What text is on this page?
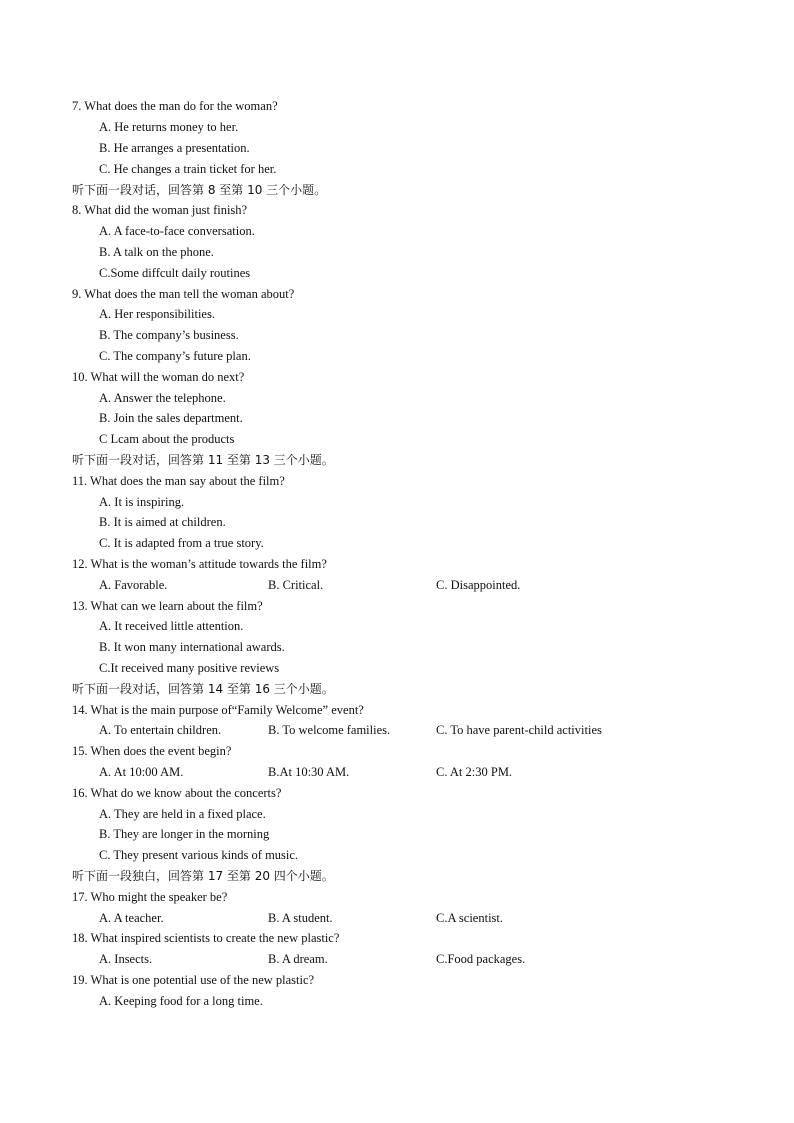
7. What does the man do for the woman?
A. He returns money to her.
B. He arranges a presentation.
C. He changes a train ticket for her.
听下面一段对话，回答第 8 至第 10 三个小题。
8. What did the woman just finish?
A. A face-to-face conversation.
B. A talk on the phone.
C.Some diffcult daily routines
9. What does the man tell the woman about?
A. Her responsibilities.
B. The company’s business.
C. The company’s future plan.
10. What will the woman do next?
A. Answer the telephone.
B. Join the sales department.
C Lcam about the products
听下面一段对话，回答第 11 至第 13 三个小题。
11. What does the man say about the film?
A. It is inspiring.
B. It is aimed at children.
C. It is adapted from a true story.
12. What is the woman’s attitude towards the film?
13. What can we learn about the film?
A. It received little attention.
B. It won many international awards.
C.It received many positive reviews
听下面一段对话，回答第 14 至第 16 三个小题。
14. What is the main purpose of“Family Welcome” event?
15. When does the event begin?
16. What do we know about the concerts?
A. They are held in a fixed place.
B. They are longer in the morning
C. They present various kinds of music.
听下面一段独白，回答第 17 至第 20 四个小题。
17. Who might the speaker be?
18. What inspired scientists to create the new plastic?
19. What is one potential use of the new plastic?
A. Keeping food for a long time.
A. Favorable.	B. Critical.	C. Disappointed.
A. To entertain children.	B. To welcome families.	C. To have parent-child activities
A. At 10:00 AM.	B.At 10:30 AM.	C. At 2:30 PM.
A. A teacher.	B. A student.	C.A scientist.
A. Insects.	B. A dream.	C.Food packages.
